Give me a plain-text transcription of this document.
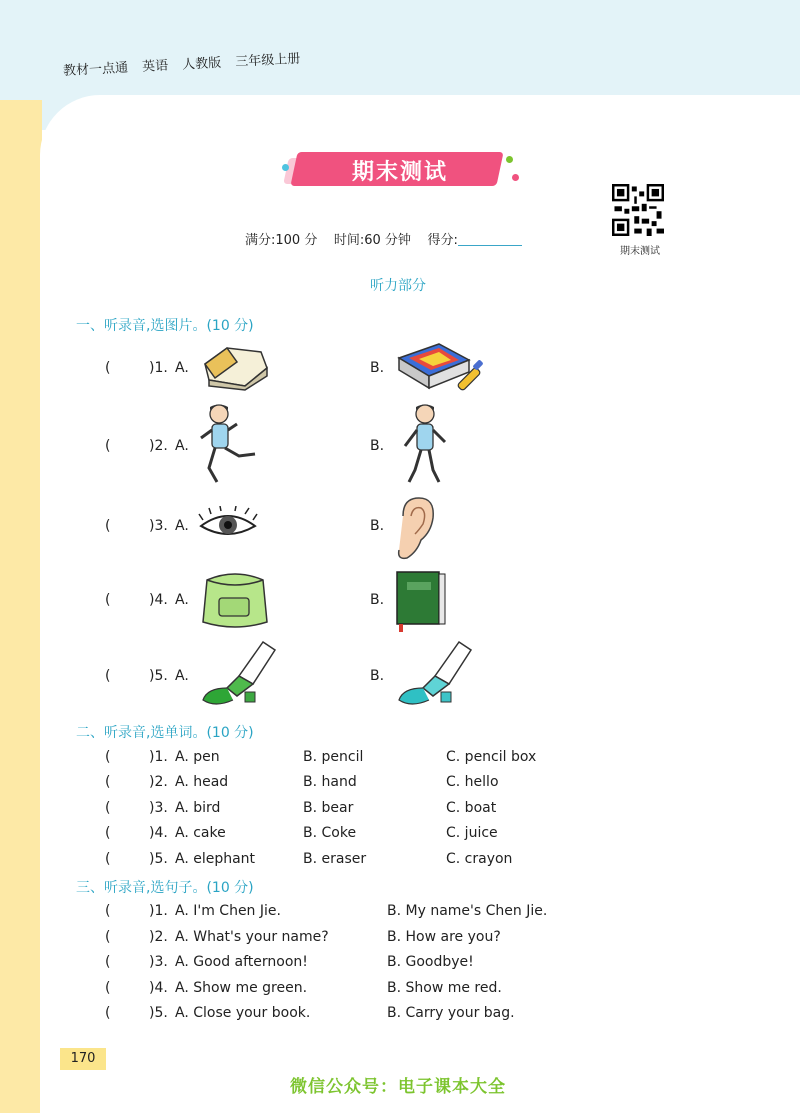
教材一点通 英语 人教版 三年级上册
期末测试
期末测试
满分:100 分 时间:60 分钟 得分:
听力部分
一、听录音,选图片。(10 分)
(	)1. A.	B.
(	)2. A.	B.
(	)3. A.	B.
(	)4. A.	B.
(	)5. A.	B.
二、听录音,选单词。(10 分)
(	)1. A. pen	B. pencil	C. pencil box
(	)2. A. head	B. hand	C. hello
(	)3. A. bird	B. bear	C. boat
(	)4. A. cake	B. Coke	C. juice
(	)5. A. elephant	B. eraser	C. crayon
三、听录音,选句子。(10 分)
(	)1. A. I'm Chen Jie.	B. My name's Chen Jie.
(	)2. A. What's your name?	B. How are you?
(	)3. A. Good afternoon!	B. Goodbye!
(	)4. A. Show me green.	B. Show me red.
(	)5. A. Close your book.	B. Carry your bag.
170
微信公众号：电子课本大全
